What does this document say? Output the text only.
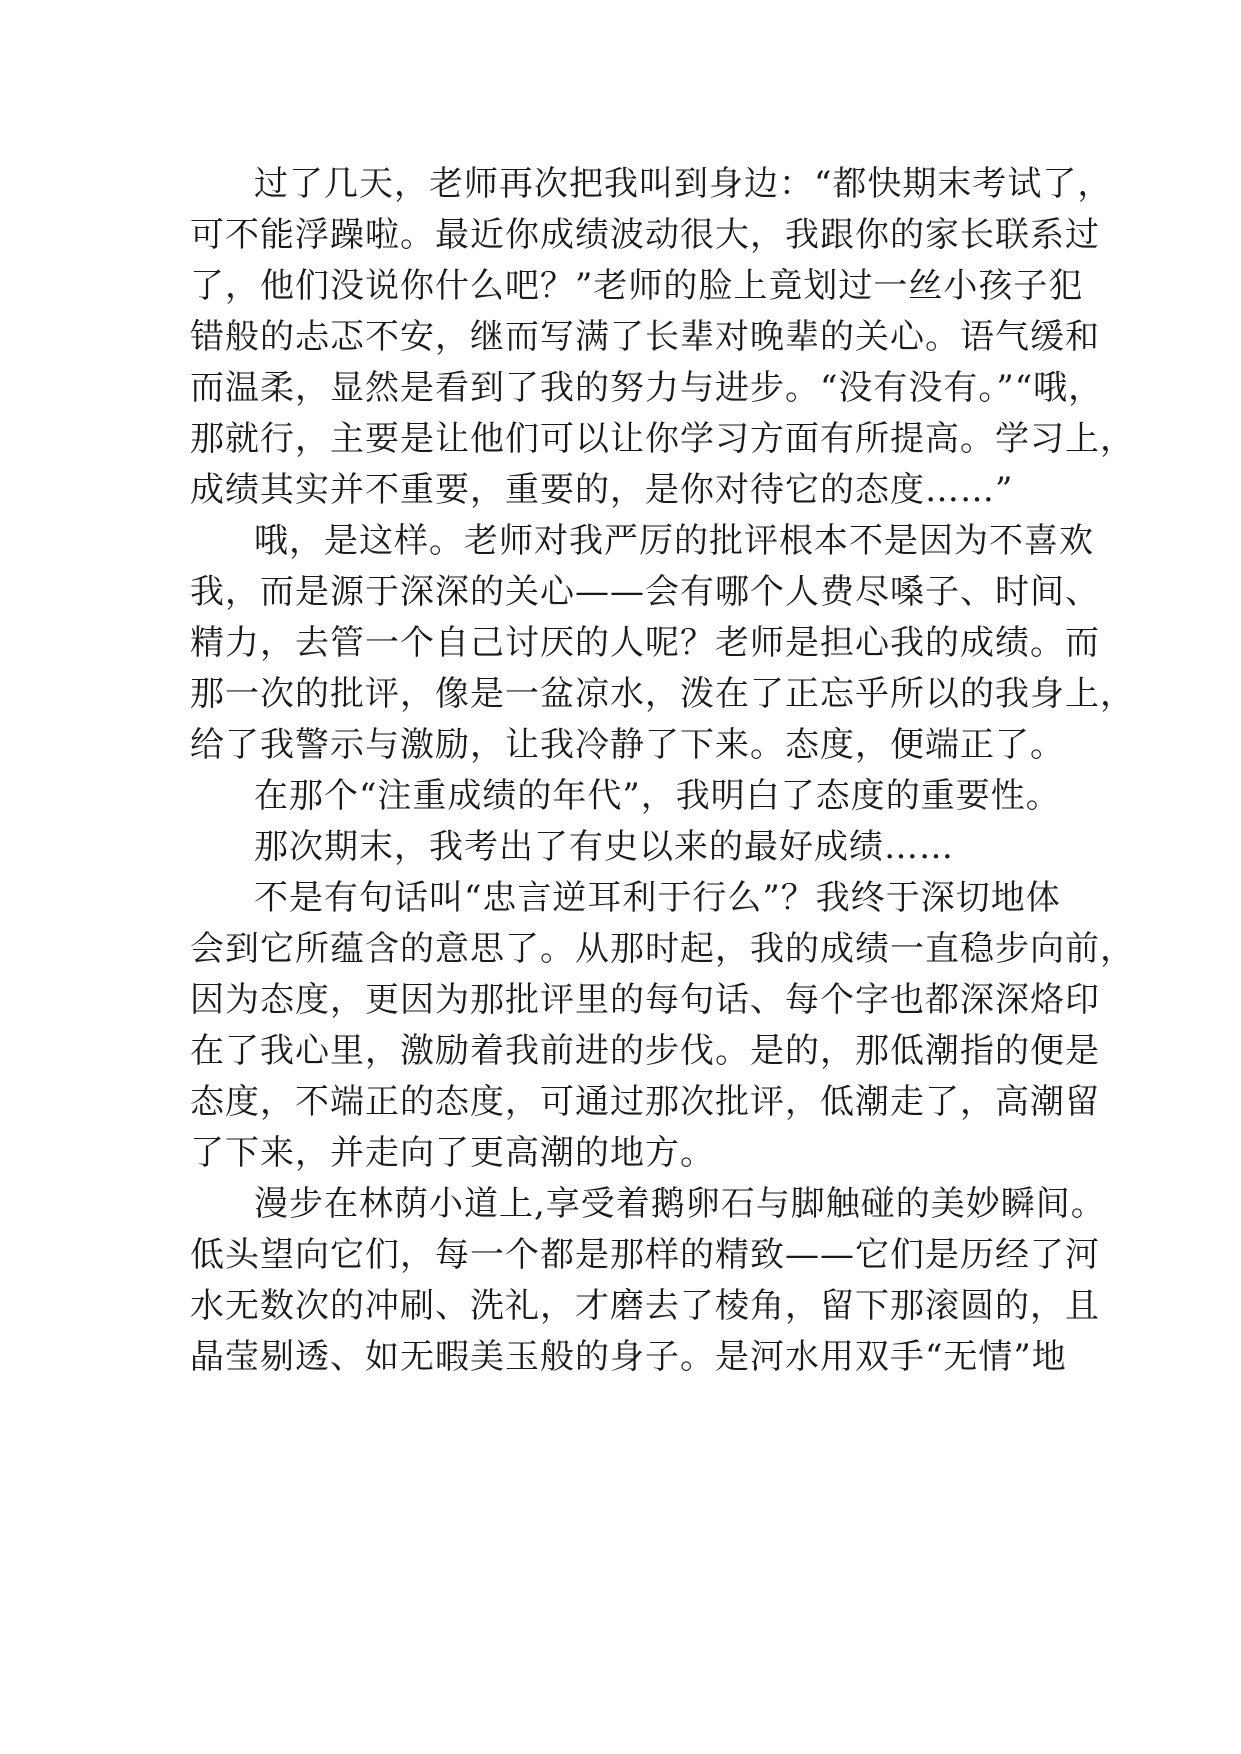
过了几天，老师再次把我叫到身边：“都快期末考试了，
可不能浮躁啦。最近你成绩波动很大，我跟你的家长联系过
了，他们没说你什么吧？”老师的脸上竟划过一丝小孩子犯
错般的忐忑不安，继而写满了长辈对晚辈的关心。语气缓和
而温柔，显然是看到了我的努力与进步。“没有没有。”“哦，
那就行，主要是让他们可以让你学习方面有所提高。学习上，
成绩其实并不重要，重要的，是你对待它的态度……”
哦，是这样。老师对我严厉的批评根本不是因为不喜欢
我，而是源于深深的关心——会有哪个人费尽嗓子、时间、
精力，去管一个自己讨厌的人呢？老师是担心我的成绩。而
那一次的批评，像是一盆凉水，泼在了正忘乎所以的我身上，
给了我警示与激励，让我冷静了下来。态度，便端正了。
在那个“注重成绩的年代”，我明白了态度的重要性。
那次期末，我考出了有史以来的最好成绩……
不是有句话叫“忠言逆耳利于行么”？我终于深切地体
会到它所蕴含的意思了。从那时起，我的成绩一直稳步向前，
因为态度，更因为那批评里的每句话、每个字也都深深烙印
在了我心里，激励着我前进的步伐。是的，那低潮指的便是
态度，不端正的态度，可通过那次批评，低潮走了，高潮留
了下来，并走向了更高潮的地方。
漫步在林荫小道上,享受着鹅卵石与脚触碰的美妙瞬间。
低头望向它们，每一个都是那样的精致——它们是历经了河
水无数次的冲刷、洗礼，才磨去了棱角，留下那滚圆的，且
晶莹剔透、如无暇美玉般的身子。是河水用双手“无情”地
